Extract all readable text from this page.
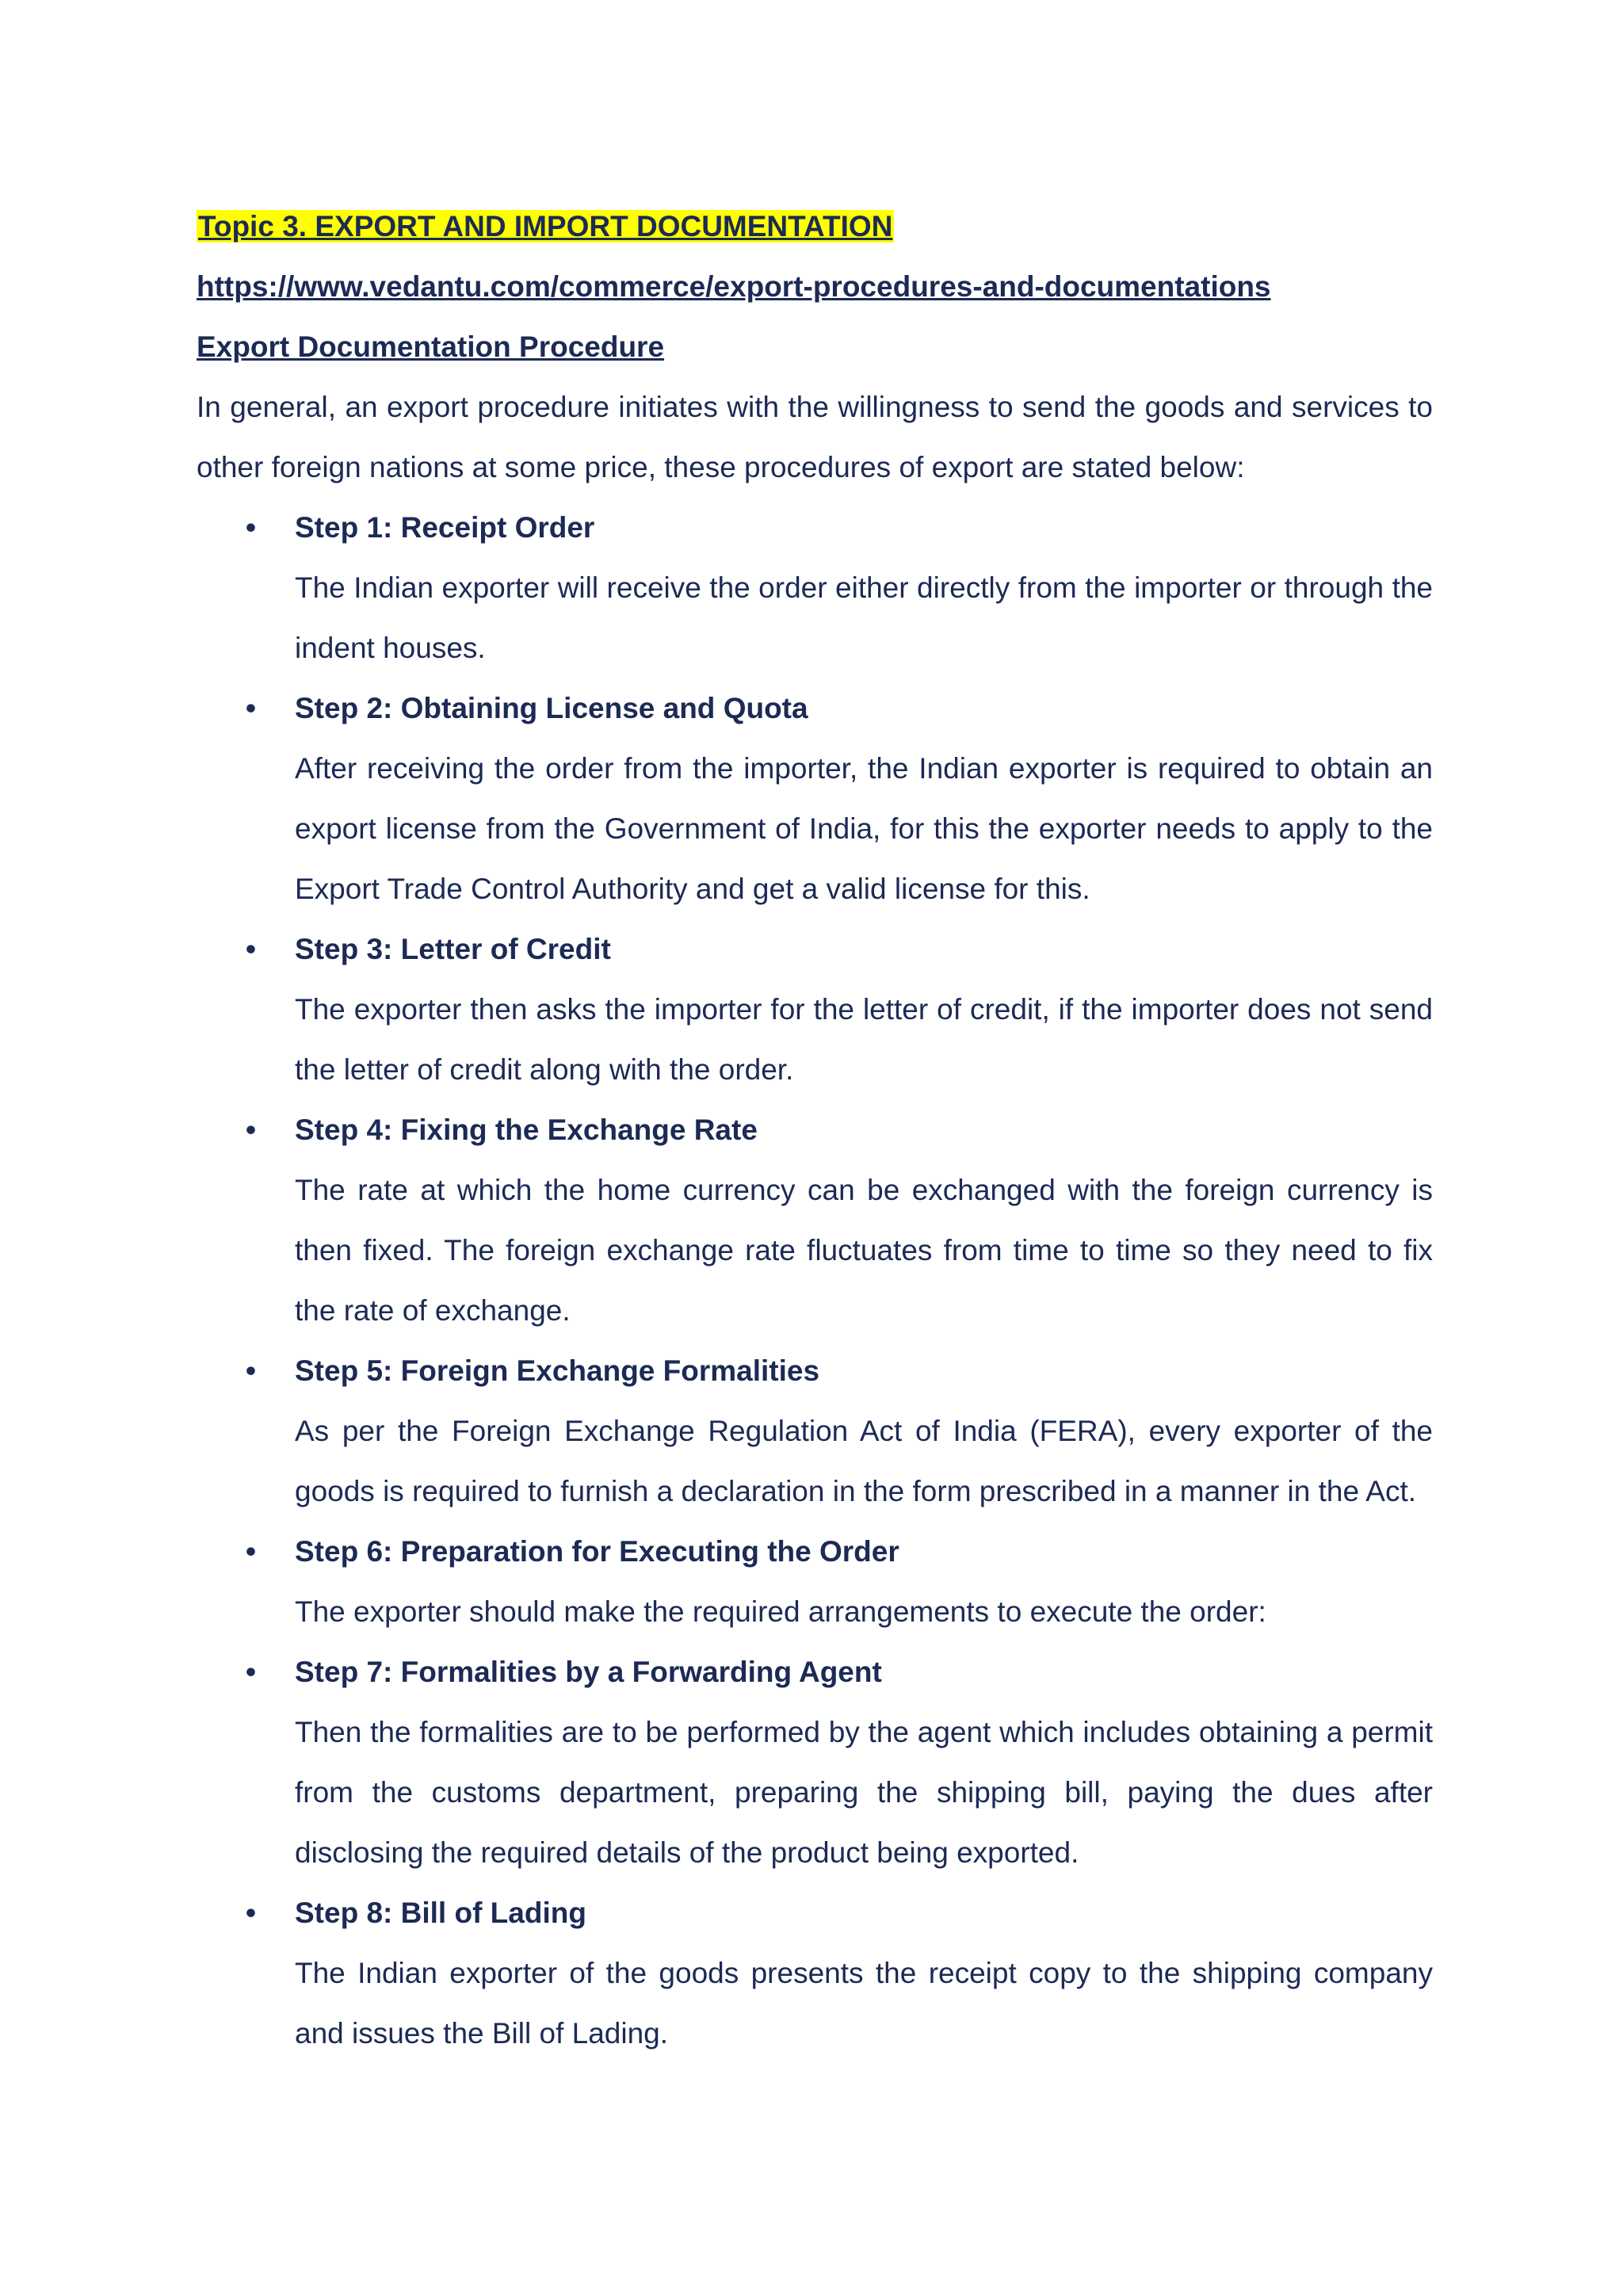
Topic 3. EXPORT AND IMPORT DOCUMENTATION

https://www.vedantu.com/commerce/export-procedures-and-documentations

Export Documentation Procedure

In general, an export procedure initiates with the willingness to send the goods and services to other foreign nations at some price, these procedures of export are stated below:

• Step 1: Receipt Order

The Indian exporter will receive the order either directly from the importer or through the indent houses.

• Step 2: Obtaining License and Quota

After receiving the order from the importer, the Indian exporter is required to obtain an export license from the Government of India, for this the exporter needs to apply to the Export Trade Control Authority and get a valid license for this.

• Step 3: Letter of Credit

The exporter then asks the importer for the letter of credit, if the importer does not send the letter of credit along with the order.

• Step 4: Fixing the Exchange Rate

The rate at which the home currency can be exchanged with the foreign currency is then fixed. The foreign exchange rate fluctuates from time to time so they need to fix the rate of exchange.

• Step 5: Foreign Exchange Formalities

As per the Foreign Exchange Regulation Act of India (FERA), every exporter of the goods is required to furnish a declaration in the form prescribed in a manner in the Act.

• Step 6: Preparation for Executing the Order

The exporter should make the required arrangements to execute the order:

• Step 7: Formalities by a Forwarding Agent

Then the formalities are to be performed by the agent which includes obtaining a permit from the customs department, preparing the shipping bill, paying the dues after disclosing the required details of the product being exported.

• Step 8: Bill of Lading

The Indian exporter of the goods presents the receipt copy to the shipping company and issues the Bill of Lading.
